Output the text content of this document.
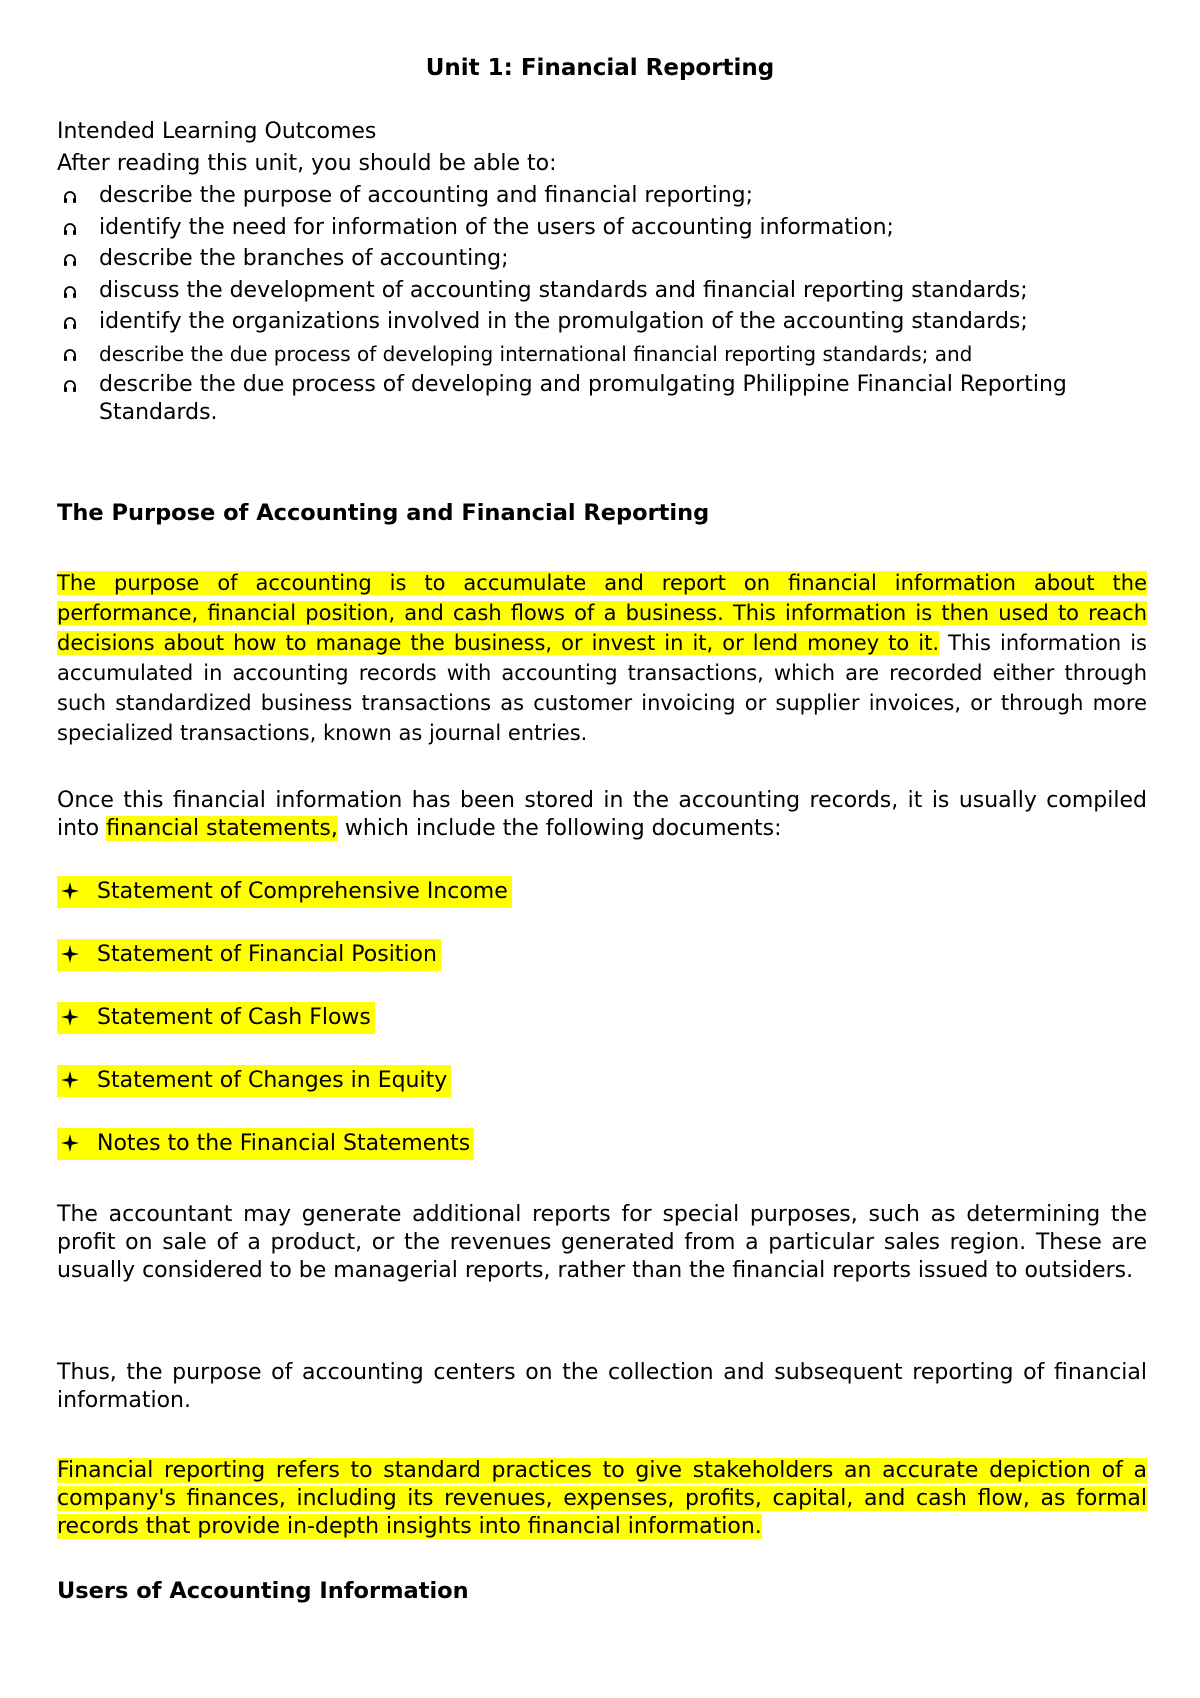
Unit 1: Financial Reporting
Intended Learning Outcomes
After reading this unit, you should be able to:
describe the purpose of accounting and financial reporting;
identify the need for information of the users of accounting information;
describe the branches of accounting;
discuss the development of accounting standards and financial reporting standards;
identify the organizations involved in the promulgation of the accounting standards;
describe the due process of developing international financial reporting standards; and
describe the due process of developing and promulgating Philippine Financial Reporting Standards.
The Purpose of Accounting and Financial Reporting

The purpose of accounting is to accumulate and report on financial information about the performance, financial position, and cash flows of a business. This information is then used to reach decisions about how to manage the business, or invest in it, or lend money to it. This information is accumulated in accounting records with accounting transactions, which are recorded either through such standardized business transactions as customer invoicing or supplier invoices, or through more specialized transactions, known as journal entries.

Once this financial information has been stored in the accounting records, it is usually compiled into financial statements, which include the following documents:

Statement of Comprehensive Income
Statement of Financial Position
Statement of Cash Flows
Statement of Changes in Equity
Notes to the Financial Statements

The accountant may generate additional reports for special purposes, such as determining the profit on sale of a product, or the revenues generated from a particular sales region. These are usually considered to be managerial reports, rather than the financial reports issued to outsiders.

Thus, the purpose of accounting centers on the collection and subsequent reporting of financial information.

Financial reporting refers to standard practices to give stakeholders an accurate depiction of a company's finances, including its revenues, expenses, profits, capital, and cash flow, as formal records that provide in-depth insights into financial information.

Users of Accounting Information
